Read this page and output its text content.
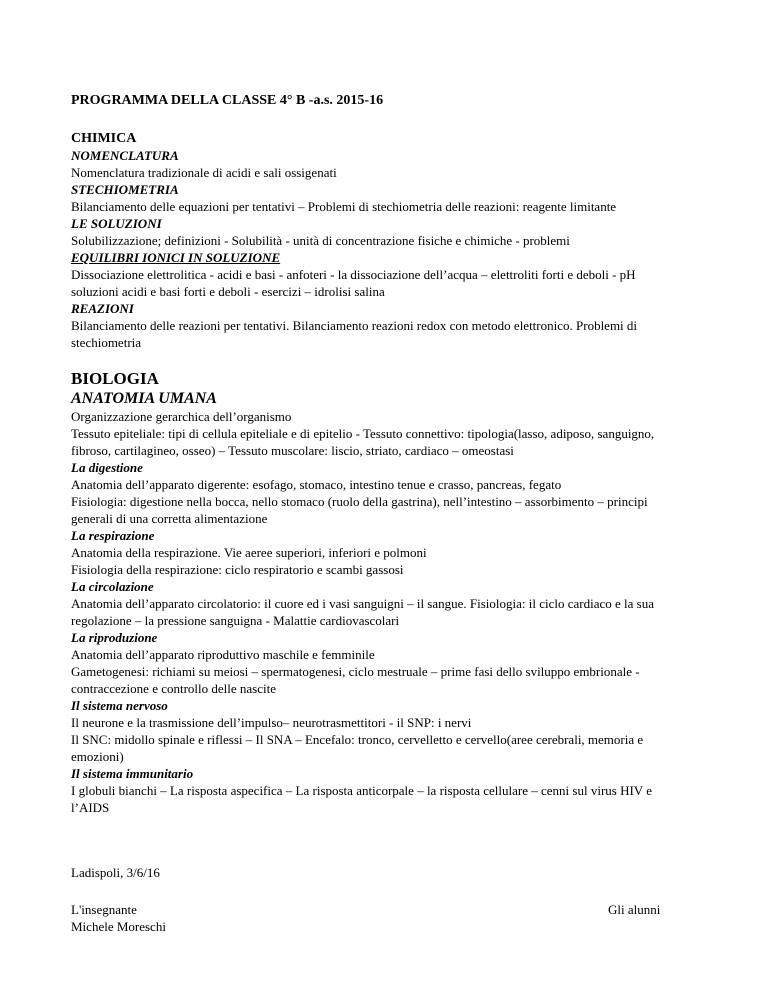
PROGRAMMA DELLA CLASSE 4° B -a.s. 2015-16
CHIMICA
NOMENCLATURA
Nomenclatura tradizionale di acidi e sali ossigenati
STECHIOMETRIA
Bilanciamento delle equazioni per tentativi – Problemi di stechiometria delle reazioni: reagente limitante
LE SOLUZIONI
Solubilizzazione; definizioni - Solubilità - unità di concentrazione fisiche e chimiche - problemi
EQUILIBRI IONICI IN SOLUZIONE
Dissociazione elettrolitica - acidi e basi - anfoteri - la dissociazione dell’acqua – elettroliti forti e deboli - pH
soluzioni acidi e basi forti e deboli - esercizi – idrolisi salina
REAZIONI
Bilanciamento delle reazioni per tentativi. Bilanciamento reazioni redox con metodo elettronico. Problemi di
stechiometria
BIOLOGIA
ANATOMIA UMANA
Organizzazione gerarchica dell’organismo
Tessuto epiteliale: tipi di cellula epiteliale e di epitelio - Tessuto connettivo: tipologia(lasso, adiposo, sanguigno,
fibroso, cartilagineo, osseo) – Tessuto muscolare: liscio, striato, cardiaco – omeostasi
La digestione
Anatomia dell’apparato digerente: esofago, stomaco, intestino tenue e crasso, pancreas, fegato
Fisiologia: digestione nella bocca, nello stomaco (ruolo della gastrina), nell’intestino – assorbimento – principi
generali di una corretta alimentazione
La respirazione
Anatomia della respirazione. Vie aeree superiori, inferiori e polmoni
Fisiologia della respirazione: ciclo respiratorio e scambi gassosi
La circolazione
Anatomia dell’apparato circolatorio: il cuore ed i vasi sanguigni – il sangue. Fisiologia: il ciclo cardiaco e la sua
regolazione – la pressione sanguigna - Malattie cardiovascolari
La riproduzione
Anatomia dell’apparato riproduttivo maschile e femminile
Gametogenesi: richiami su meiosi – spermatogenesi, ciclo mestruale – prime fasi dello sviluppo embrionale -
contraccezione e controllo delle nascite
Il sistema nervoso
Il neurone e la trasmissione dell’impulso– neurotrasmettitori - il SNP: i nervi
Il SNC: midollo spinale e riflessi – Il SNA – Encefalo: tronco, cervelletto e cervello(aree cerebrali, memoria e
emozioni)
Il sistema immunitario
I globuli bianchi – La risposta aspecifica – La risposta anticorpale – la risposta cellulare – cenni sul virus HIV e
l’AIDS
Ladispoli, 3/6/16
L'insegnante
Michele Moreschi
Gli alunni
